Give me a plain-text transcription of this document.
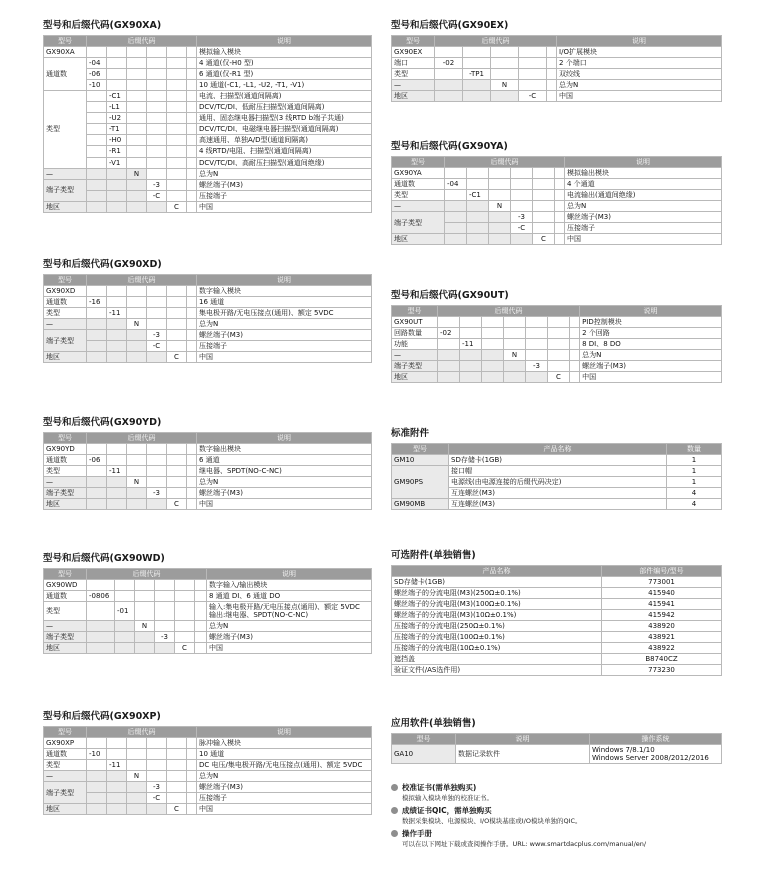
型号和后缀代码(GX90XA)
型号	后缀代码						说明
GX90XA							模拟输入模块
通道数	-04						4 通道(仅-H0 型)
	-06						6 通道(仅-R1 型)
	-10						10 通道(-C1, -L1, -U2, -T1, -V1)
类型		-C1					电流、扫描型(通道间隔离)
		-L1					DCV/TC/DI、低耐压扫描型(通道间隔离)
		-U2					通用、固态继电器扫描型(3 线RTD b端子共通)
		-T1					DCV/TC/DI、电磁继电器扫描型(通道间隔离)
		-H0					高速通用、单独A/D型(通道间隔离)
		-R1					4 线RTD/电阻、扫描型(通道间隔离)
		-V1					DCV/TC/DI、高耐压扫描型(通道间绝缘)
—			N				总为N
端子类型				-3			螺丝端子(M3)
				-C			压接端子
地区					C		中国
型号和后缀代码(GX90XD)
型号	后缀代码						说明
GX90XD							数字输入模块
通道数	-16						16 通道
类型		-11					集电极开路/无电压接点(通用)、额定 5VDC
—			N				总为N
端子类型				-3			螺丝端子(M3)
				-C			压接端子
地区					C		中国
型号和后缀代码(GX90YD)
型号	后缀代码						说明
GX90YD							数字输出模块
通道数	-06						6 通道
类型		-11					继电器、SPDT(NO-C-NC)
—			N				总为N
端子类型				-3			螺丝端子(M3)
地区					C		中国
型号和后缀代码(GX90WD)
型号	后缀代码						说明
GX90WD							数字输入/输出模块
通道数	-0806						8 通道 DI、6 通道 DO
类型		-01					输入:集电极开路/无电压接点(通用)、额定 5VDC
输出:继电器、SPDT(NO-C-NC)
—			N				总为N
端子类型				-3			螺丝端子(M3)
地区					C		中国
型号和后缀代码(GX90XP)
型号	后缀代码						说明
GX90XP							脉冲输入模块
通道数	-10						10 通道
类型		-11					DC 电压/集电极开路/无电压接点(通用)、额定 5VDC
—			N				总为N
端子类型				-3			螺丝端子(M3)
				-C			压接端子
地区					C		中国
型号和后缀代码(GX90EX)
型号	后缀代码					说明
GX90EX						I/O扩展模块
端口	-02					2 个端口
类型		-TP1				双绞线
—			N			总为N
地区				-C		中国
型号和后缀代码(GX90YA)
型号	后缀代码						说明
GX90YA							模拟输出模块
通道数	-04						4 个通道
类型		-C1					电流输出(通道间绝缘)
—			N				总为N
端子类型				-3			螺丝端子(M3)
				-C			压接端子
地区					C		中国
型号和后缀代码(GX90UT)
型号	后缀代码							说明
GX90UT								PID控制模块
回路数量	-02							2 个回路
功能		-11						8 DI、8 DO
—				N				总为N
端子类型					-3			螺丝端子(M3)
地区						C		中国
标准附件
型号	产品名称	数量
GM10	SD存储卡(1GB)	1
GM90PS	接口帽	1
	电源线(由电源连接的后缀代码决定)	1
	互连螺丝(M3)	4
GM90MB	互连螺丝(M3)	4
可选附件(单独销售)
产品名称	部件编号/型号
SD存储卡(1GB)	773001
螺丝端子的分流电阻(M3)(250Ω±0.1%)	415940
螺丝端子的分流电阻(M3)(100Ω±0.1%)	415941
螺丝端子的分流电阻(M3)(10Ω±0.1%)	415942
压接端子的分流电阻(250Ω±0.1%)	438920
压接端子的分流电阻(100Ω±0.1%)	438921
压接端子的分流电阻(10Ω±0.1%)	438922
遮挡盖	B8740CZ
验证文件(/AS选件用)	773230
应用软件(单独销售)
型号	说明	操作系统
GA10	数据记录软件	Windows 7/8.1/10
Windows Server 2008/2012/2016
校准证书(需单独购买)
模拟输入模块单独的校准证书。
成绩证书QIC，需单独购买
数据采集模块、电源模块、I/O模块基座或I/O模块单独的QIC。
操作手册
可以在以下网址下载或查阅操作手册。URL: www.smartdacplus.com/manual/en/
